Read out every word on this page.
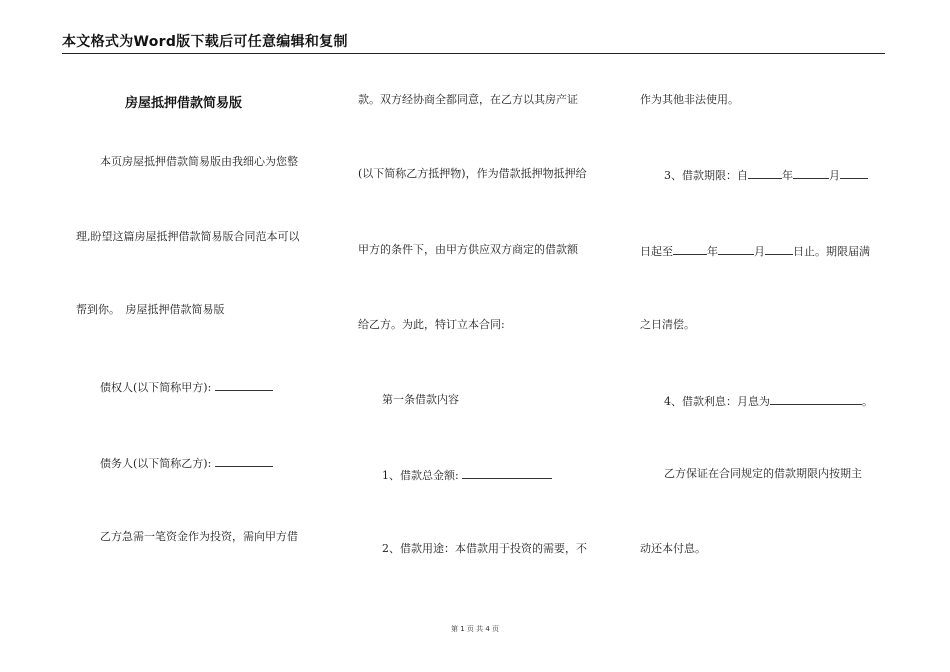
本文格式为Word版下载后可任意编辑和复制
房屋抵押借款简易版
本页房屋抵押借款简易版由我细心为您整
理,盼望这篇房屋抵押借款简易版合同范本可以
帮到你。　房屋抵押借款简易版
债权人(以下简称甲方):
债务人(以下简称乙方):
乙方急需一笔资金作为投资，需向甲方借
款。双方经协商全都同意，在乙方以其房产证
(以下简称乙方抵押物)，作为借款抵押物抵押给
甲方的条件下，由甲方供应双方商定的借款额
给乙方。为此，特订立本合同:
第一条借款内容
1、借款总金额:
2、借款用途：本借款用于投资的需要，不
作为其他非法使用。
3、借款期限：自	年	月
日起至	年	月	日止。期限届满
之日清偿。
4、借款利息：月息为	。
乙方保证在合同规定的借款期限内按期主
动还本付息。
第 1 页 共 4 页
